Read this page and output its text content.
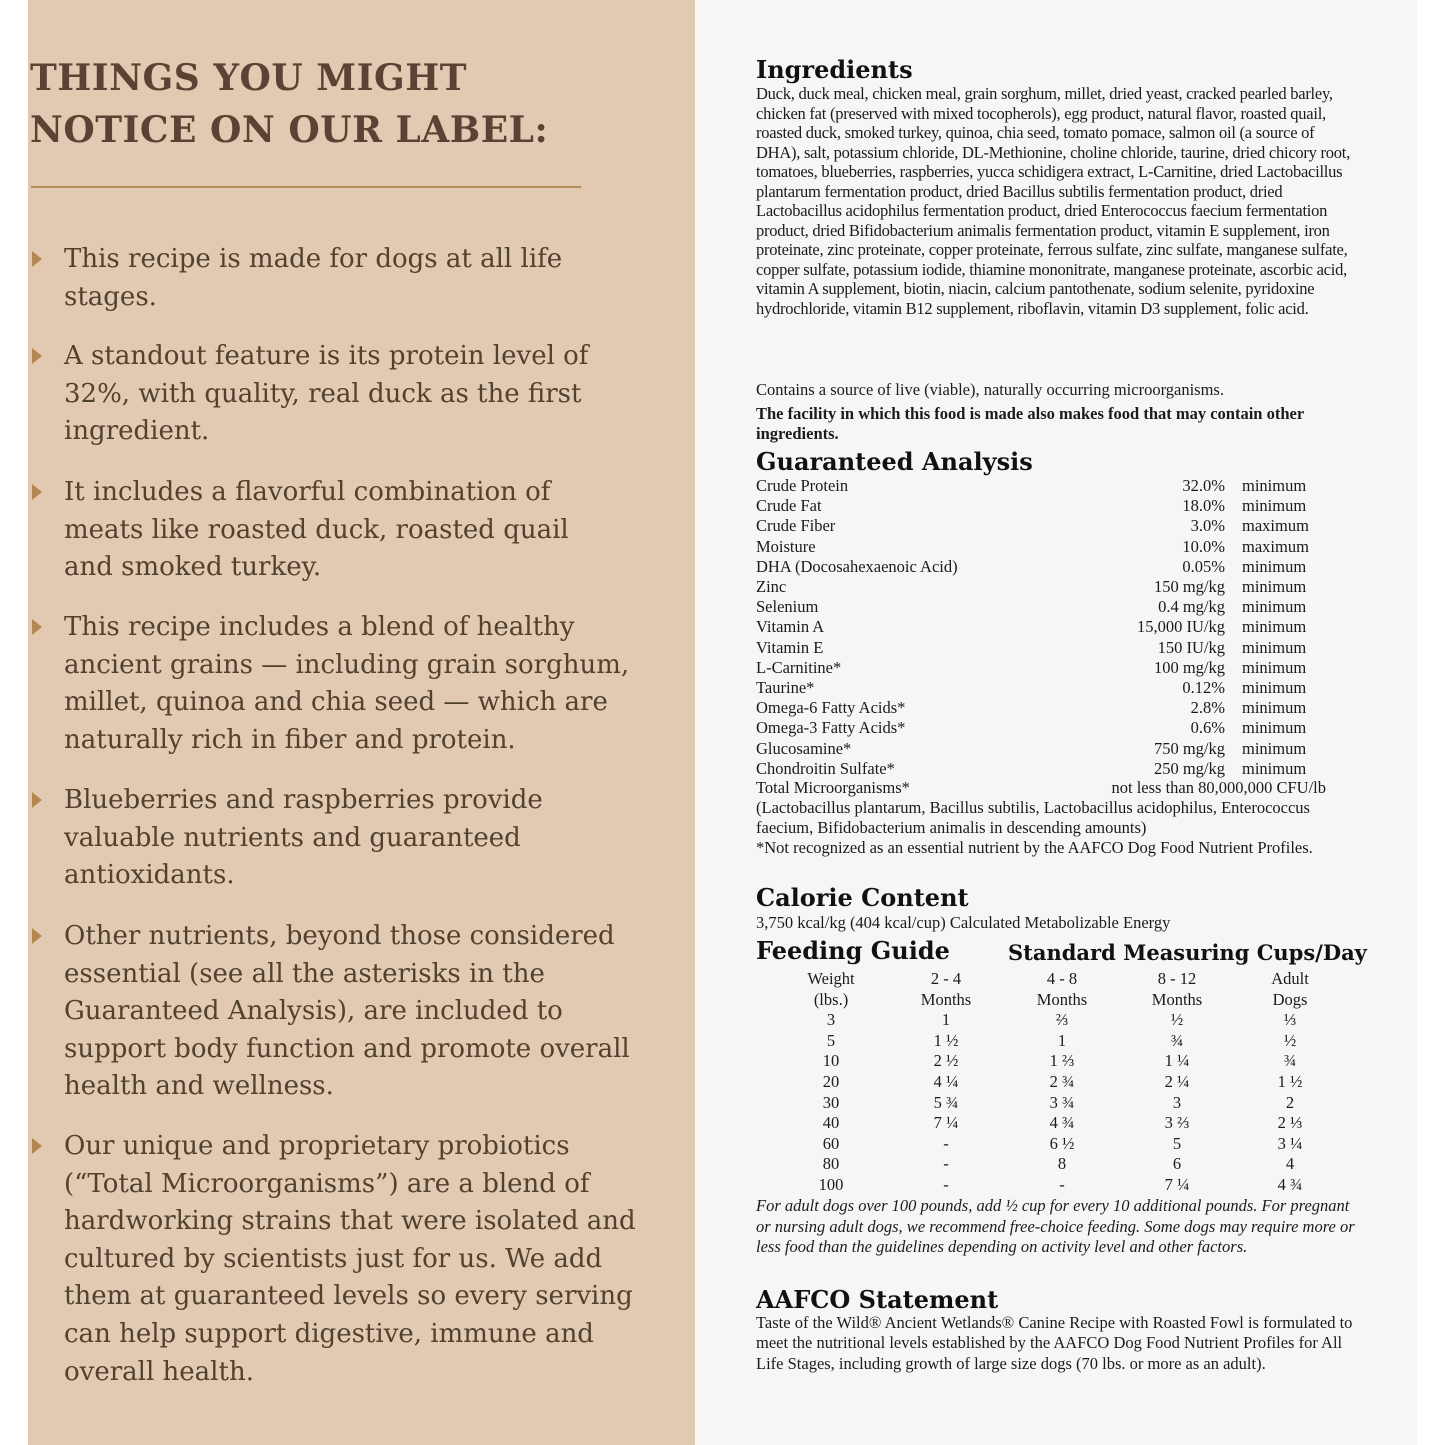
THINGS YOU MIGHT
NOTICE ON OUR LABEL:
This recipe is made for dogs at all life stages.
A standout feature is its protein level of 32%, with quality, real duck as the first ingredient.
It includes a flavorful combination of meats like roasted duck, roasted quail and smoked turkey.
This recipe includes a blend of healthy ancient grains — including grain sorghum, millet, quinoa and chia seed — which are naturally rich in fiber and protein.
Blueberries and raspberries provide valuable nutrients and guaranteed antioxidants.
Other nutrients, beyond those considered essential (see all the asterisks in the Guaranteed Analysis), are included to support body function and promote overall health and wellness.
Our unique and proprietary probiotics (“Total Microorganisms”) are a blend of hardworking strains that were isolated and cultured by scientists just for us. We add them at guaranteed levels so every serving can help support digestive, immune and overall health.
Ingredients

Duck, duck meal, chicken meal, grain sorghum, millet, dried yeast, cracked pearled barley, chicken fat (preserved with mixed tocopherols), egg product, natural flavor, roasted quail, roasted duck, smoked turkey, quinoa, chia seed, tomato pomace, salmon oil (a source of DHA), salt, potassium chloride, DL-Methionine, choline chloride, taurine, dried chicory root, tomatoes, blueberries, raspberries, yucca schidigera extract, L-Carnitine, dried Lactobacillus plantarum fermentation product, dried Bacillus subtilis fermentation product, dried Lactobacillus acidophilus fermentation product, dried Enterococcus faecium fermentation product, dried Bifidobacterium animalis fermentation product, vitamin E supplement, iron proteinate, zinc proteinate, copper proteinate, ferrous sulfate, zinc sulfate, manganese sulfate, copper sulfate, potassium iodide, thiamine mononitrate, manganese proteinate, ascorbic acid, vitamin A supplement, biotin, niacin, calcium pantothenate, sodium selenite, pyridoxine hydrochloride, vitamin B12 supplement, riboflavin, vitamin D3 supplement, folic acid.

Contains a source of live (viable), naturally occurring microorganisms.

The facility in which this food is made also makes food that may contain other ingredients.

Guaranteed Analysis
Crude Protein	32.0% minimum
Crude Fat	18.0% minimum
Crude Fiber	3.0% maximum
Moisture	10.0% maximum
DHA (Docosahexaenoic Acid)	0.05% minimum
Zinc	150 mg/kg minimum
Selenium	0.4 mg/kg minimum
Vitamin A	15,000 IU/kg minimum
Vitamin E	150 IU/kg minimum
L-Carnitine*	100 mg/kg minimum
Taurine*	0.12% minimum
Omega-6 Fatty Acids*	2.8% minimum
Omega-3 Fatty Acids*	0.6% minimum
Glucosamine*	750 mg/kg minimum
Chondroitin Sulfate*	250 mg/kg minimum
Total Microorganisms*	not less than 80,000,000 CFU/lb

(Lactobacillus plantarum, Bacillus subtilis, Lactobacillus acidophilus, Enterococcus faecium, Bifidobacterium animalis in descending amounts)

*Not recognized as an essential nutrient by the AAFCO Dog Food Nutrient Profiles.

Calorie Content

3,750 kcal/kg (404 kcal/cup) Calculated Metabolizable Energy

Feeding Guide	Standard Measuring Cups/Day
Weight	2 - 4	4 - 8	8 - 12	Adult
(lbs.)	Months	Months	Months	Dogs
3	1	⅔	½	⅓
5	1 ½	1	¾	½
10	2 ½	1 ⅔	1 ¼	¾
20	4 ¼	2 ¾	2 ¼	1 ½
30	5 ¾	3 ¾	3	2
40	7 ¼	4 ¾	3 ⅔	2 ⅓
60	-	6 ½	5	3 ¼
80	-	8	6	4
100	-	-	7 ¼	4 ¾

For adult dogs over 100 pounds, add ½ cup for every 10 additional pounds. For pregnant or nursing adult dogs, we recommend free-choice feeding. Some dogs may require more or less food than the guidelines depending on activity level and other factors.

AAFCO Statement

Taste of the Wild® Ancient Wetlands® Canine Recipe with Roasted Fowl is formulated to meet the nutritional levels established by the AAFCO Dog Food Nutrient Profiles for All Life Stages, including growth of large size dogs (70 lbs. or more as an adult).
